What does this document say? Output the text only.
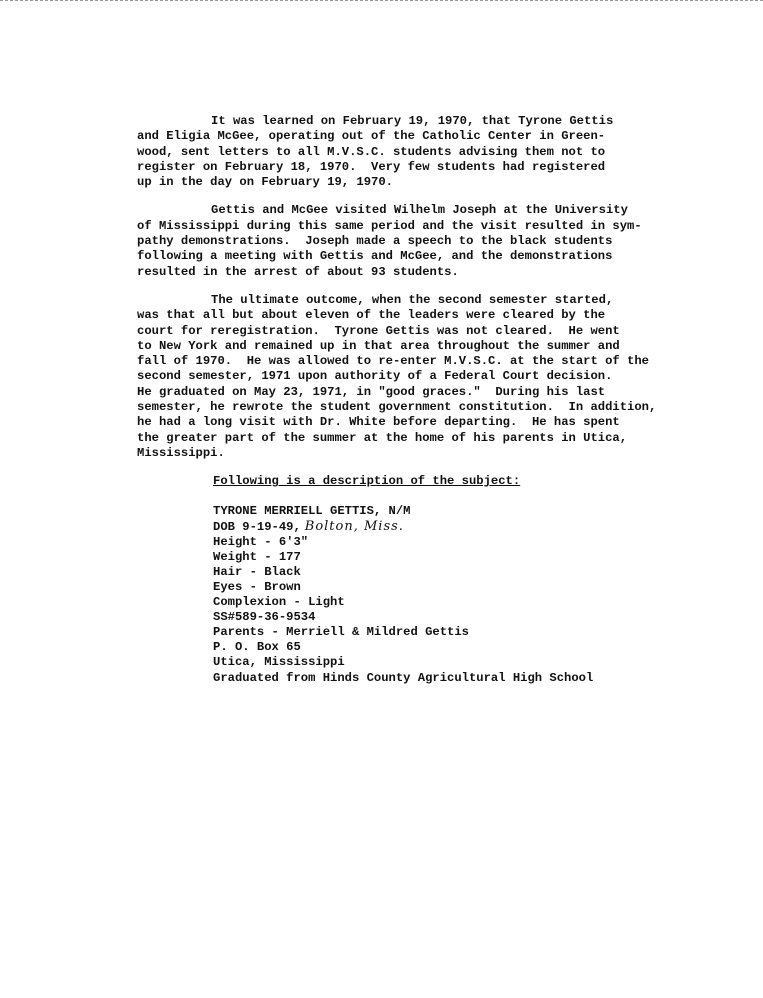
It was learned on February 19, 1970, that Tyrone Gettis
and Eligia McGee, operating out of the Catholic Center in Green-
wood, sent letters to all M.V.S.C. students advising them not to
register on February 18, 1970.  Very few students had registered
up in the day on February 19, 1970.
Gettis and McGee visited Wilhelm Joseph at the University
of Mississippi during this same period and the visit resulted in sym-
pathy demonstrations.  Joseph made a speech to the black students
following a meeting with Gettis and McGee, and the demonstrations
resulted in the arrest of about 93 students.
The ultimate outcome, when the second semester started,
was that all but about eleven of the leaders were cleared by the
court for reregistration.  Tyrone Gettis was not cleared.  He went
to New York and remained up in that area throughout the summer and
fall of 1970.  He was allowed to re-enter M.V.S.C. at the start of the
second semester, 1971 upon authority of a Federal Court decision.
He graduated on May 23, 1971, in "good graces."  During his last
semester, he rewrote the student government constitution.  In addition,
he had a long visit with Dr. White before departing.  He has spent
the greater part of the summer at the home of his parents in Utica,
Mississippi.
Following is a description of the subject:
TYRONE MERRIELL GETTIS, N/M
DOB 9-19-49, Bolton, Miss.
Height - 6'3"
Weight - 177
Hair - Black
Eyes - Brown
Complexion - Light
SS#589-36-9534
Parents - Merriell & Mildred Gettis
P. O. Box 65
Utica, Mississippi
Graduated from Hinds County Agricultural High School
